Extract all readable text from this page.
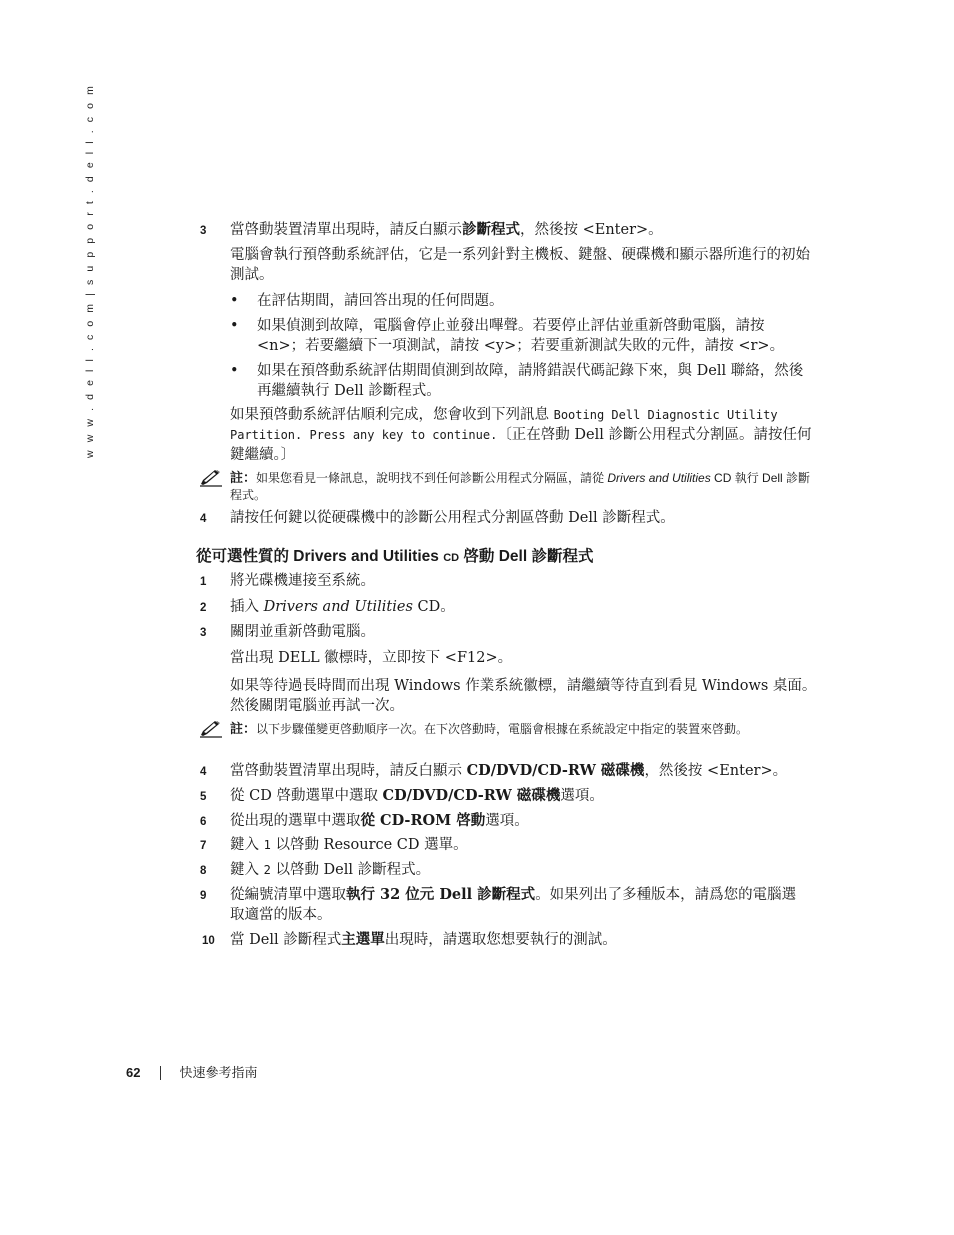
w w w . d e l l . c o m | s u p p o r t . d e l l . c o m	3	當啓動裝置清單出現時，請反白顯示診斷程式，然後按 <Enter>。
電腦會執行預啓動系統評估，它是一系列針對主機板、鍵盤、硬碟機和顯示器所進行的初始測試。
•	在評估期間，請回答出現的任何問題。
•	如果偵測到故障，電腦會停止並發出嗶聲。若要停止評估並重新啓動電腦，請按 <n>；若要繼續下一項測試，請按 <y>；若要重新測試失敗的元件，請按 <r>。
•	如果在預啓動系統評估期間偵測到故障，請將錯誤代碼記錄下來，與 Dell 聯絡，然後再繼續執行 Dell 診斷程式。
如果預啓動系統評估順利完成，您會收到下列訊息 Booting Dell Diagnostic Utility Partition. Press any key to continue.〔正在啓動 Dell 診斷公用程式分割區。請按任何鍵繼續。〕
註：如果您看見一條訊息，說明找不到任何診斷公用程式分隔區，請從 Drivers and Utilities CD 執行 Dell 診斷程式。
4	請按任何鍵以從硬碟機中的診斷公用程式分割區啓動 Dell 診斷程式。
從可選性質的 Drivers and Utilities CD 啓動 Dell 診斷程式
1	將光碟機連接至系統。
2	插入 Drivers and Utilities CD。
3	關閉並重新啓動電腦。
當出現 DELL 徽標時，立即按下 <F12>。
如果等待過長時間而出現 Windows 作業系統徽標，請繼續等待直到看見 Windows 桌面。然後關閉電腦並再試一次。
註：以下步驟僅變更啓動順序一次。在下次啓動時，電腦會根據在系統設定中指定的裝置來啓動。
4	當啓動裝置清單出現時，請反白顯示 CD/DVD/CD-RW 磁碟機，然後按 <Enter>。
5	從 CD 啓動選單中選取 CD/DVD/CD-RW 磁碟機選項。
6	從出現的選單中選取從 CD-ROM 啓動選項。
7	鍵入 1 以啓動 Resource CD 選單。
8	鍵入 2 以啓動 Dell 診斷程式。
9	從編號清單中選取執行 32 位元 Dell 診斷程式。如果列出了多種版本，請爲您的電腦選取適當的版本。
10	當 Dell 診斷程式主選單出現時，請選取您想要執行的測試。
62	快速參考指南
